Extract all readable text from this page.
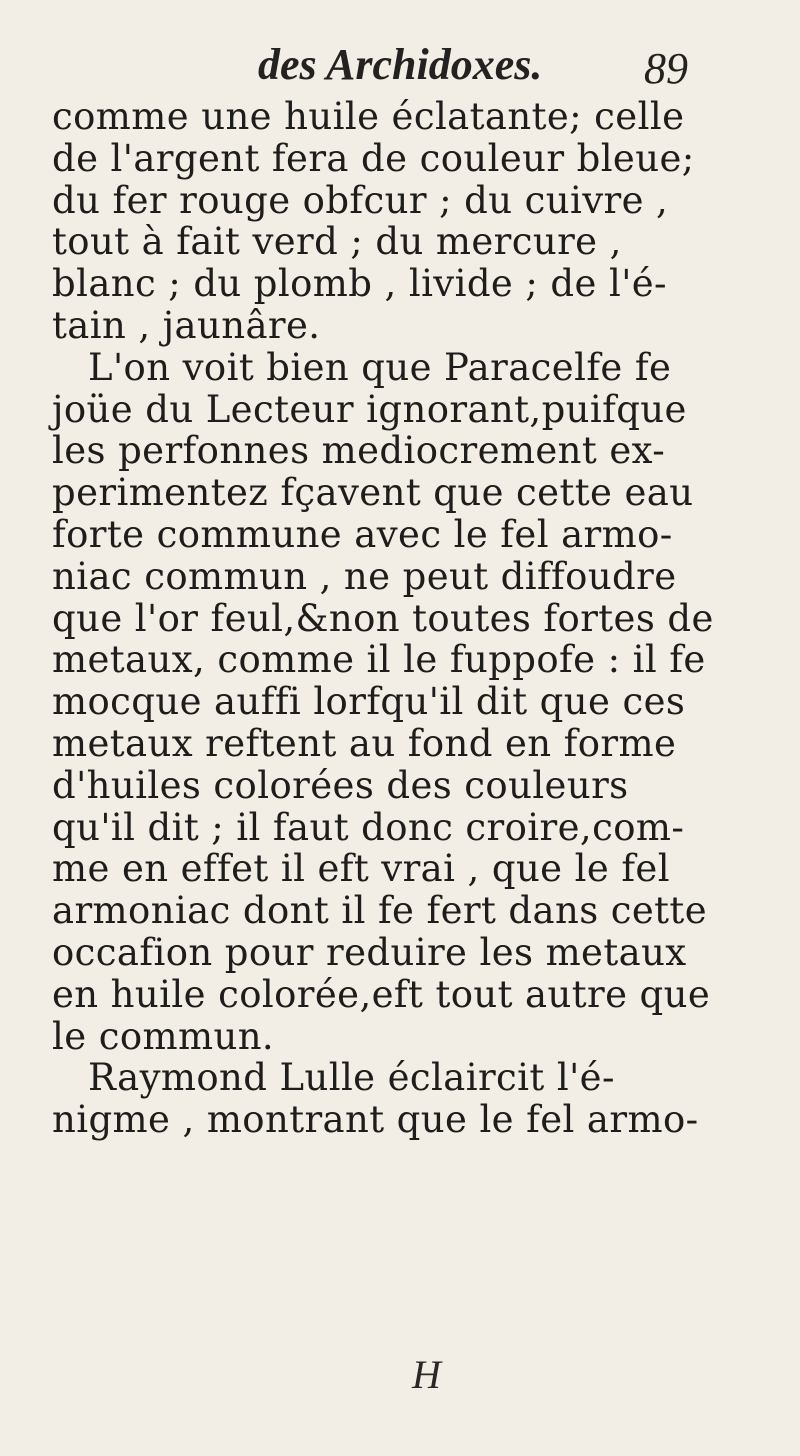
des Archidoxes. 89
comme une huile éclatante; celle
de l'argent fera de couleur bleue;
du fer rouge obfcur ; du cuivre ,
tout à fait verd ; du mercure ,
blanc ; du plomb , livide ; de l'é-
tain , jaunâre.
L'on voit bien que Paracelfe fe
joüe du Lecteur ignorant,puifque
les perfonnes mediocrement ex-
perimentez fçavent que cette eau
forte commune avec le fel armo-
niac commun , ne peut diffoudre
que l'or feul,&non toutes fortes de
metaux, comme il le fuppofe : il fe
mocque auffi lorfqu'il dit que ces
metaux reftent au fond en forme
d'huiles colorées des couleurs
qu'il dit ; il faut donc croire,com-
me en effet il eft vrai , que le fel
armoniac dont il fe fert dans cette
occafion pour reduire les metaux
en huile colorée,eft tout autre que
le commun.
Raymond Lulle éclaircit l'é-
nigme , montrant que le fel armo-
H
